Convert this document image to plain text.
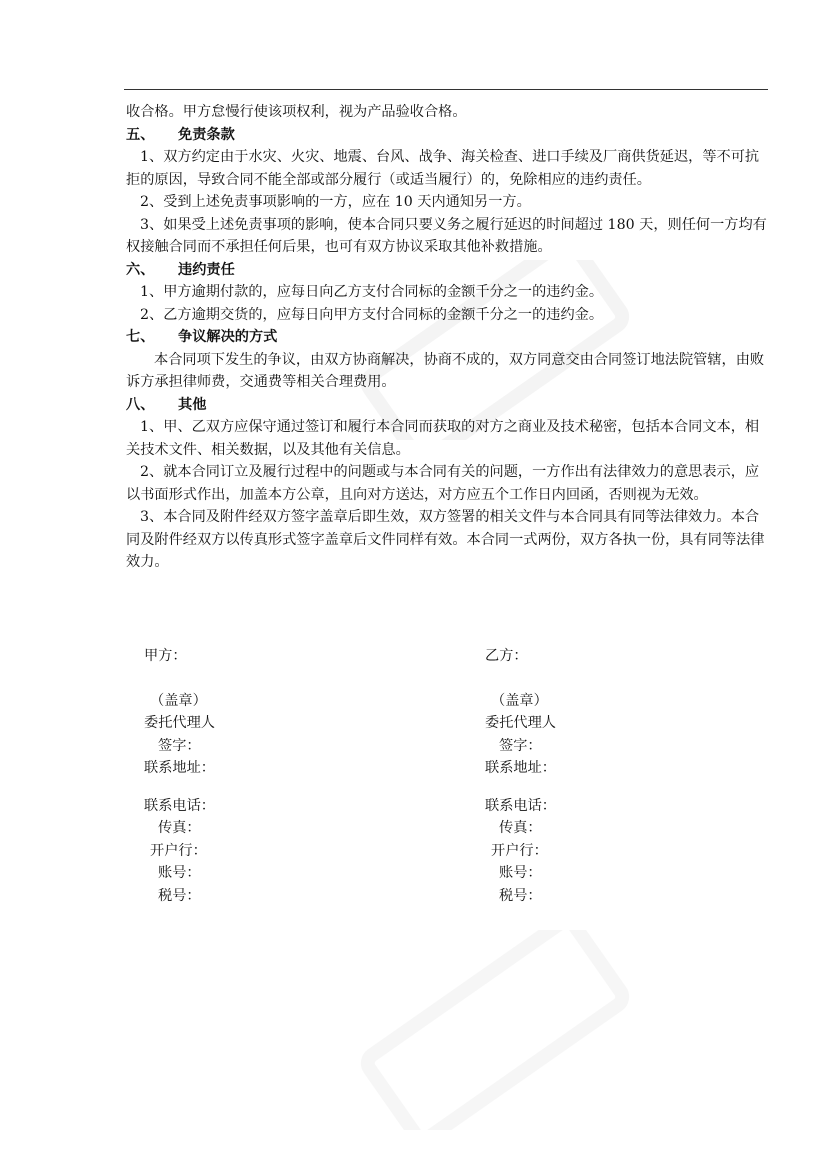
收合格。甲方怠慢行使该项权利，视为产品验收合格。

五、 免责条款

1、双方约定由于水灾、火灾、地震、台风、战争、海关检查、进口手续及厂商供货延迟，等不可抗拒的原因，导致合同不能全部或部分履行（或适当履行）的，免除相应的违约责任。

2、受到上述免责事项影响的一方，应在 10 天内通知另一方。

3、如果受上述免责事项的影响，使本合同只要义务之履行延迟的时间超过 180 天，则任何一方均有权接触合同而不承担任何后果，也可有双方协议采取其他补救措施。

六、 违约责任

1、甲方逾期付款的，应每日向乙方支付合同标的金额千分之一的违约金。

2、乙方逾期交货的，应每日向甲方支付合同标的金额千分之一的违约金。

七、 争议解决的方式

本合同项下发生的争议，由双方协商解决，协商不成的，双方同意交由合同签订地法院管辖，由败诉方承担律师费，交通费等相关合理费用。

八、 其他

1、甲、乙双方应保守通过签订和履行本合同而获取的对方之商业及技术秘密，包括本合同文本，相关技术文件、相关数据，以及其他有关信息。

2、就本合同订立及履行过程中的问题或与本合同有关的问题，一方作出有法律效力的意思表示，应以书面形式作出，加盖本方公章，且向对方送达，对方应五个工作日内回函，否则视为无效。

3、本合同及附件经双方签字盖章后即生效，双方签署的相关文件与本合同具有同等法律效力。本合同及附件经双方以传真形式签字盖章后文件同样有效。本合同一式两份，双方各执一份，具有同等法律效力。

甲方：
（盖章）
委托代理人
签字：
联系地址：
联系电话：
传真：
开户行：
账号：
税号：
乙方：
（盖章）
委托代理人
签字：
联系地址：
联系电话：
传真：
开户行：
账号：
税号：
